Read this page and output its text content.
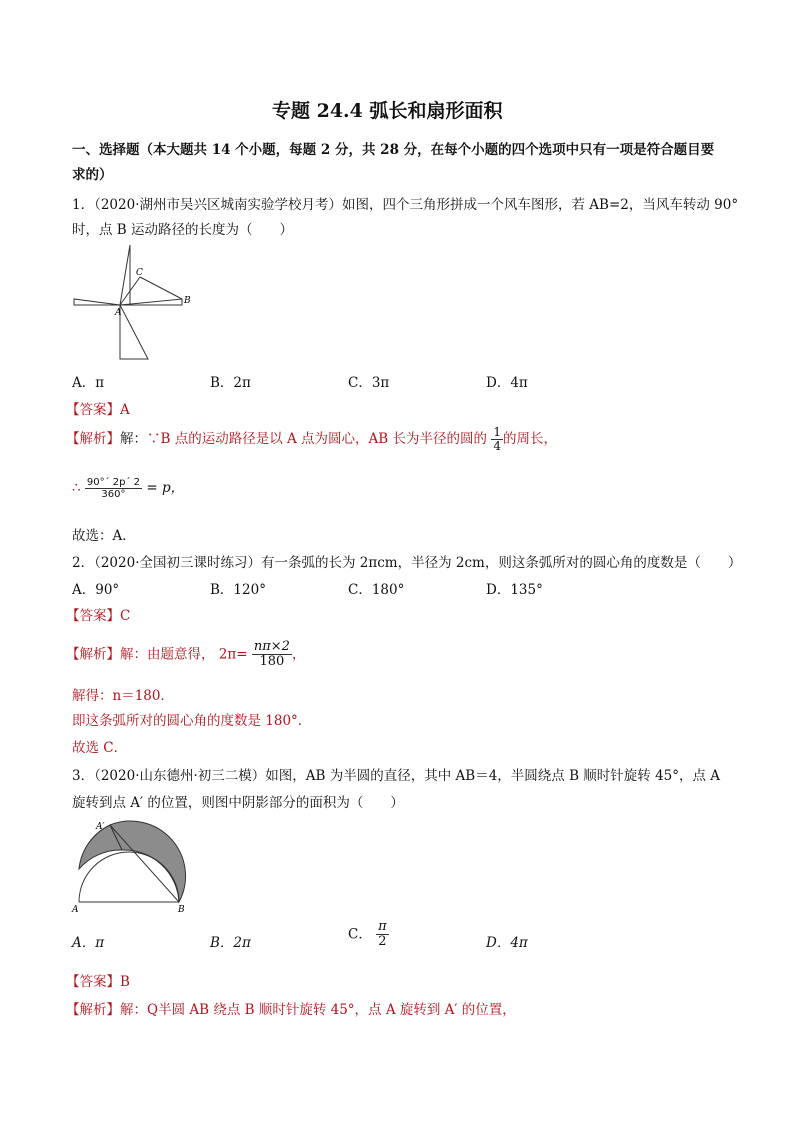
专题 24.4 弧长和扇形面积
一、选择题（本大题共 14 个小题，每题 2 分，共 28 分，在每个小题的四个选项中只有一项是符合题目要
求的）
1．（2020·湖州市吴兴区城南实验学校月考）如图，四个三角形拼成一个风车图形，若 AB=2，当风车转动 90°
时，点 B 运动路径的长度为（　　）
C
A
B
A．π	B．2π	C．3π	D．4π
【答案】A
【解析】解：∵B 点的运动路径是以 A 点为圆心，AB 长为半径的圆的 $\frac{1}{4}$ 的周长，
∴ $\frac{90^\circ´ 2p´ 2}{360^\circ} = p$，
故选：A．
2．（2020·全国初三课时练习）有一条弧的长为 2πcm，半径为 2cm，则这条弧所对的圆心角的度数是（　　）
A．90°	B．120°	C．180°	D．135°
【答案】C
【解析】解：由题意得， $2\pi= \frac{n\pi\times 2}{180}$ ，
解得：n＝180．
即这条弧所对的圆心角的度数是 180°．
故选 C．
3．（2020·山东德州·初三二模）如图，AB 为半圆的直径，其中 AB＝4，半圆绕点 B 顺时针旋转 45°，点 A
旋转到点 A′ 的位置，则图中阴影部分的面积为（　　）
A′
A	B
A．π	B．2π
C． $\frac{\pi}{2}$	D．4π
【答案】B
【解析】解：Q半圆 AB 绕点 B 顺时针旋转 45°，点 A 旋转到 A′ 的位置，
